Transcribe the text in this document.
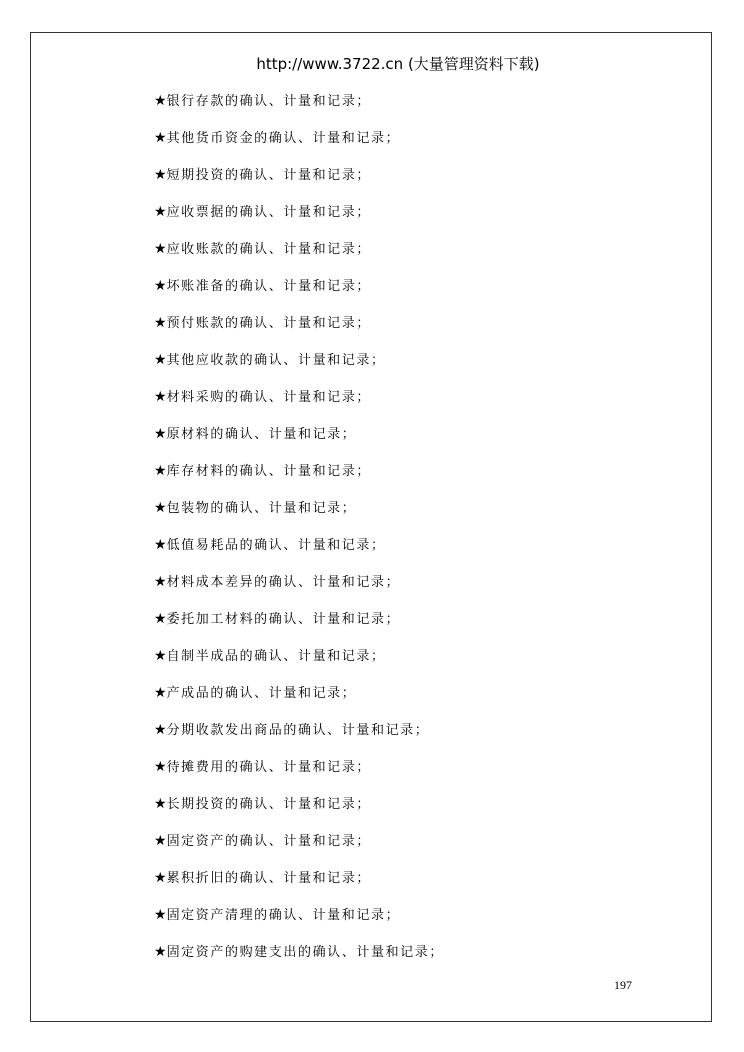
http://www.3722.cn (大量管理资料下载)
★银行存款的确认、计量和记录；
★其他货币资金的确认、计量和记录；
★短期投资的确认、计量和记录；
★应收票据的确认、计量和记录；
★应收账款的确认、计量和记录；
★坏账准备的确认、计量和记录；
★预付账款的确认、计量和记录；
★其他应收款的确认、计量和记录；
★材料采购的确认、计量和记录；
★原材料的确认、计量和记录；
★库存材料的确认、计量和记录；
★包装物的确认、计量和记录；
★低值易耗品的确认、计量和记录；
★材料成本差异的确认、计量和记录；
★委托加工材料的确认、计量和记录；
★自制半成品的确认、计量和记录；
★产成品的确认、计量和记录；
★分期收款发出商品的确认、计量和记录；
★待摊费用的确认、计量和记录；
★长期投资的确认、计量和记录；
★固定资产的确认、计量和记录；
★累积折旧的确认、计量和记录；
★固定资产清理的确认、计量和记录；
★固定资产的购建支出的确认、计量和记录；
197
